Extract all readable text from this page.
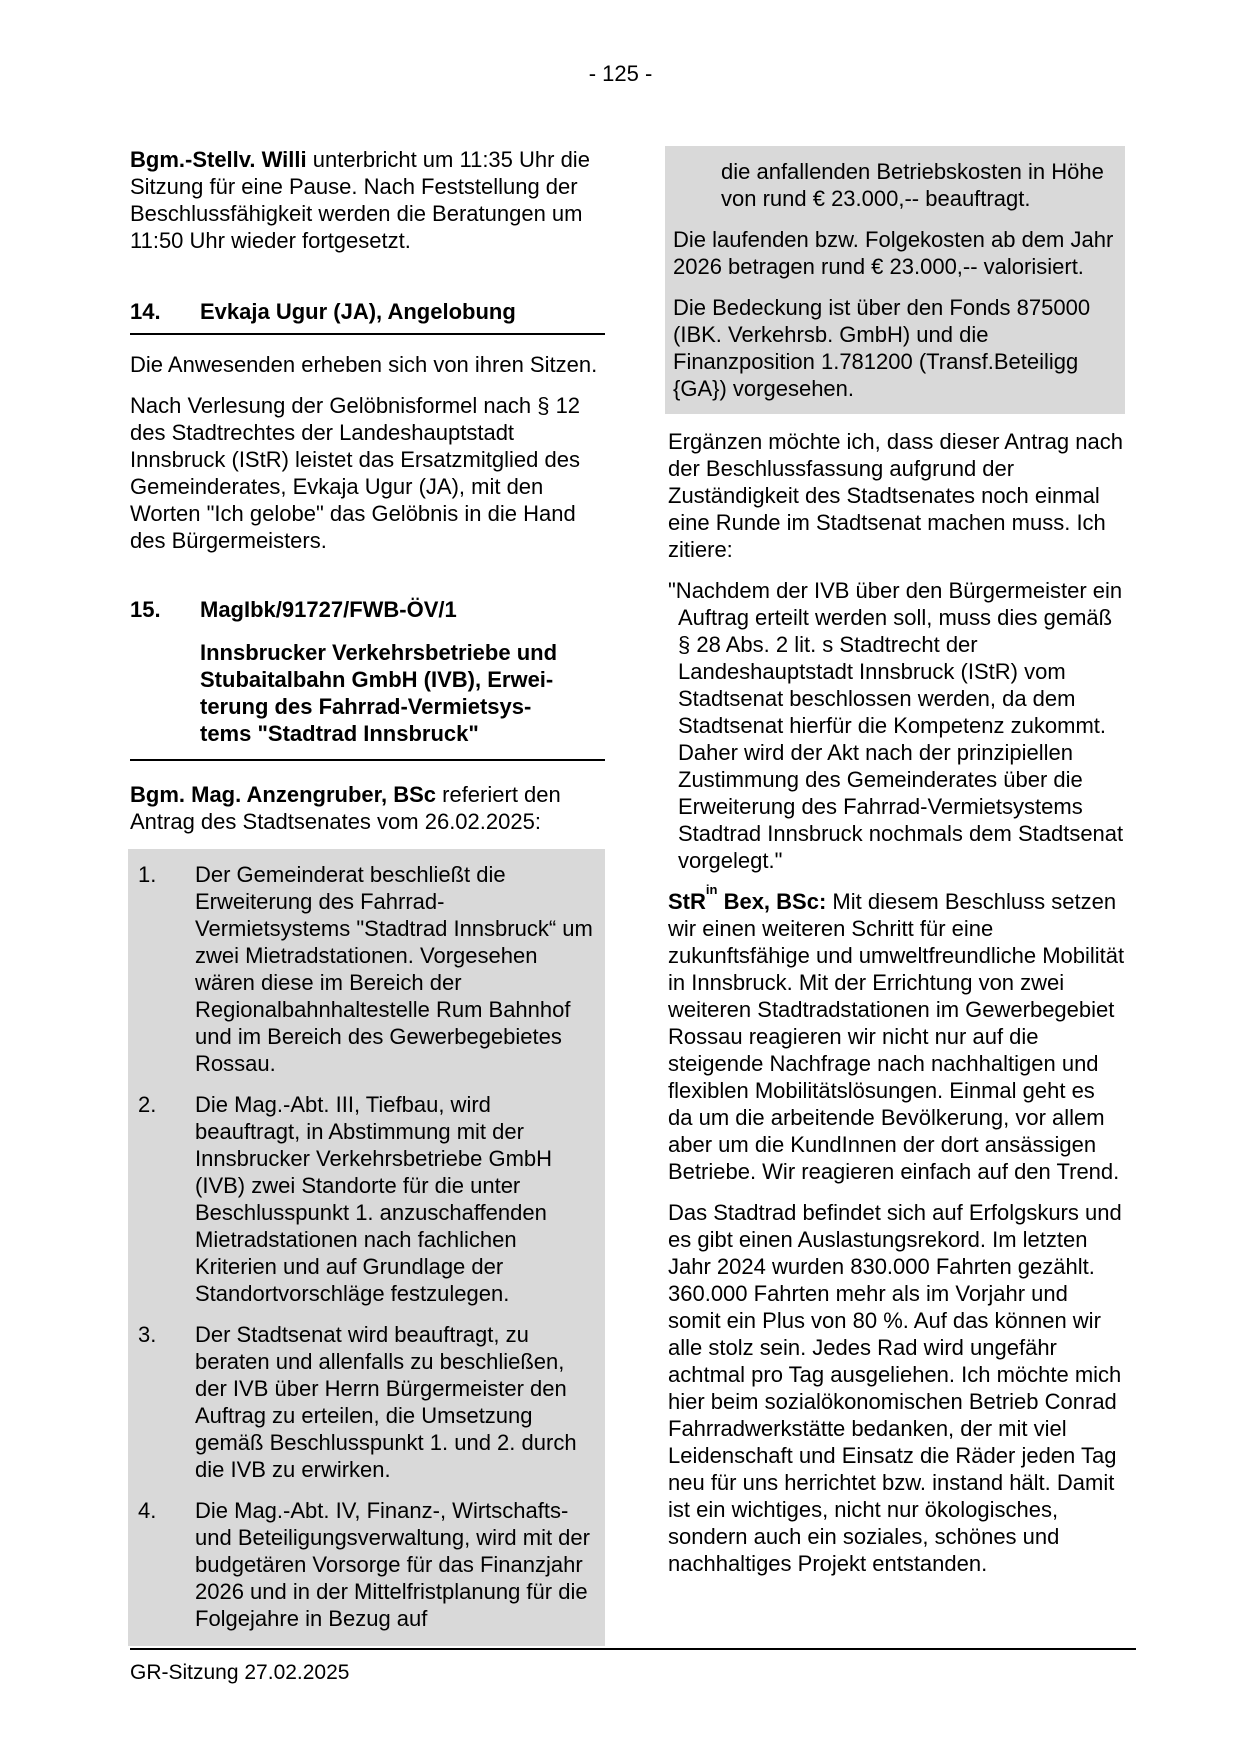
- 125 -

Bgm.-Stellv. Willi unterbricht um 11:35 Uhr die Sitzung für eine Pause. Nach Feststellung der Beschlussfähigkeit werden die Beratungen um 11:50 Uhr wieder fortgesetzt.

14.	Evkaja Ugur (JA), Angelobung

Die Anwesenden erheben sich von ihren Sitzen.

Nach Verlesung der Gelöbnisformel nach § 12 des Stadtrechtes der Landeshauptstadt Innsbruck (IStR) leistet das Ersatzmitglied des Gemeinderates, Evkaja Ugur (JA), mit den Worten "Ich gelobe" das Gelöbnis in die Hand des Bürgermeisters.

15.	MagIbk/91727/FWB-ÖV/1
Innsbrucker Verkehrsbetriebe und
Stubaitalbahn GmbH (IVB), Erwei-
terung des Fahrrad-Vermietsys-
tems "Stadtrad Innsbruck"

Bgm. Mag. Anzengruber, BSc referiert den Antrag des Stadtsenates vom 26.02.2025:

1.	Der Gemeinderat beschließt die Erweiterung des Fahrrad-Vermietsystems "Stadtrad Innsbruck“ um zwei Mietradstationen. Vorgesehen wären diese im Bereich der Regionalbahnhaltestelle Rum Bahnhof und im Bereich des Gewerbegebietes Rossau.
2.	Die Mag.-Abt. III, Tiefbau, wird beauftragt, in Abstimmung mit der Innsbrucker Verkehrsbetriebe GmbH (IVB) zwei Standorte für die unter Beschlusspunkt 1. anzuschaffenden Mietradstationen nach fachlichen Kriterien und auf Grundlage der Standortvorschläge festzulegen.
3.	Der Stadtsenat wird beauftragt, zu beraten und allenfalls zu beschließen, der IVB über Herrn Bürgermeister den Auftrag zu erteilen, die Umsetzung gemäß Beschlusspunkt 1. und 2. durch die IVB zu erwirken.
4.	Die Mag.-Abt. IV, Finanz-, Wirtschafts- und Beteiligungsverwaltung, wird mit der budgetären Vorsorge für das Finanzjahr 2026 und in der Mittelfristplanung für die Folgejahre in Bezug auf

die anfallenden Betriebskosten in Höhe von rund € 23.000,-- beauftragt.

Die laufenden bzw. Folgekosten ab dem Jahr 2026 betragen rund € 23.000,-- valorisiert.

Die Bedeckung ist über den Fonds 875000 (IBK. Verkehrsb. GmbH) und die Finanzposition 1.781200 (Transf.Beteiligg {GA}) vorgesehen.

Ergänzen möchte ich, dass dieser Antrag nach der Beschlussfassung aufgrund der Zuständigkeit des Stadtsenates noch einmal eine Runde im Stadtsenat machen muss. Ich zitiere:

"Nachdem der IVB über den Bürgermeister ein Auftrag erteilt werden soll, muss dies gemäß § 28 Abs. 2 lit. s Stadtrecht der Landeshauptstadt Innsbruck (IStR) vom Stadtsenat beschlossen werden, da dem Stadtsenat hierfür die Kompetenz zukommt. Daher wird der Akt nach der prinzipiellen Zustimmung des Gemeinderates über die Erweiterung des Fahrrad-Vermietsystems Stadtrad Innsbruck nochmals dem Stadtsenat vorgelegt."

StR$^{in}$ Bex, BSc: Mit diesem Beschluss setzen wir einen weiteren Schritt für eine zukunftsfähige und umweltfreundliche Mobilität in Innsbruck. Mit der Errichtung von zwei weiteren Stadtradstationen im Gewerbegebiet Rossau reagieren wir nicht nur auf die steigende Nachfrage nach nachhaltigen und flexiblen Mobilitätslösungen. Einmal geht es da um die arbeitende Bevölkerung, vor allem aber um die KundInnen der dort ansässigen Betriebe. Wir reagieren einfach auf den Trend.

Das Stadtrad befindet sich auf Erfolgskurs und es gibt einen Auslastungsrekord. Im letzten Jahr 2024 wurden 830.000 Fahrten gezählt. 360.000 Fahrten mehr als im Vorjahr und somit ein Plus von 80 %. Auf das können wir alle stolz sein. Jedes Rad wird ungefähr achtmal pro Tag ausgeliehen. Ich möchte mich hier beim sozialökonomischen Betrieb Conrad Fahrradwerkstätte bedanken, der mit viel Leidenschaft und Einsatz die Räder jeden Tag neu für uns herrichtet bzw. instand hält. Damit ist ein wichtiges, nicht nur ökologisches, sondern auch ein soziales, schönes und nachhaltiges Projekt entstanden.

GR-Sitzung 27.02.2025
